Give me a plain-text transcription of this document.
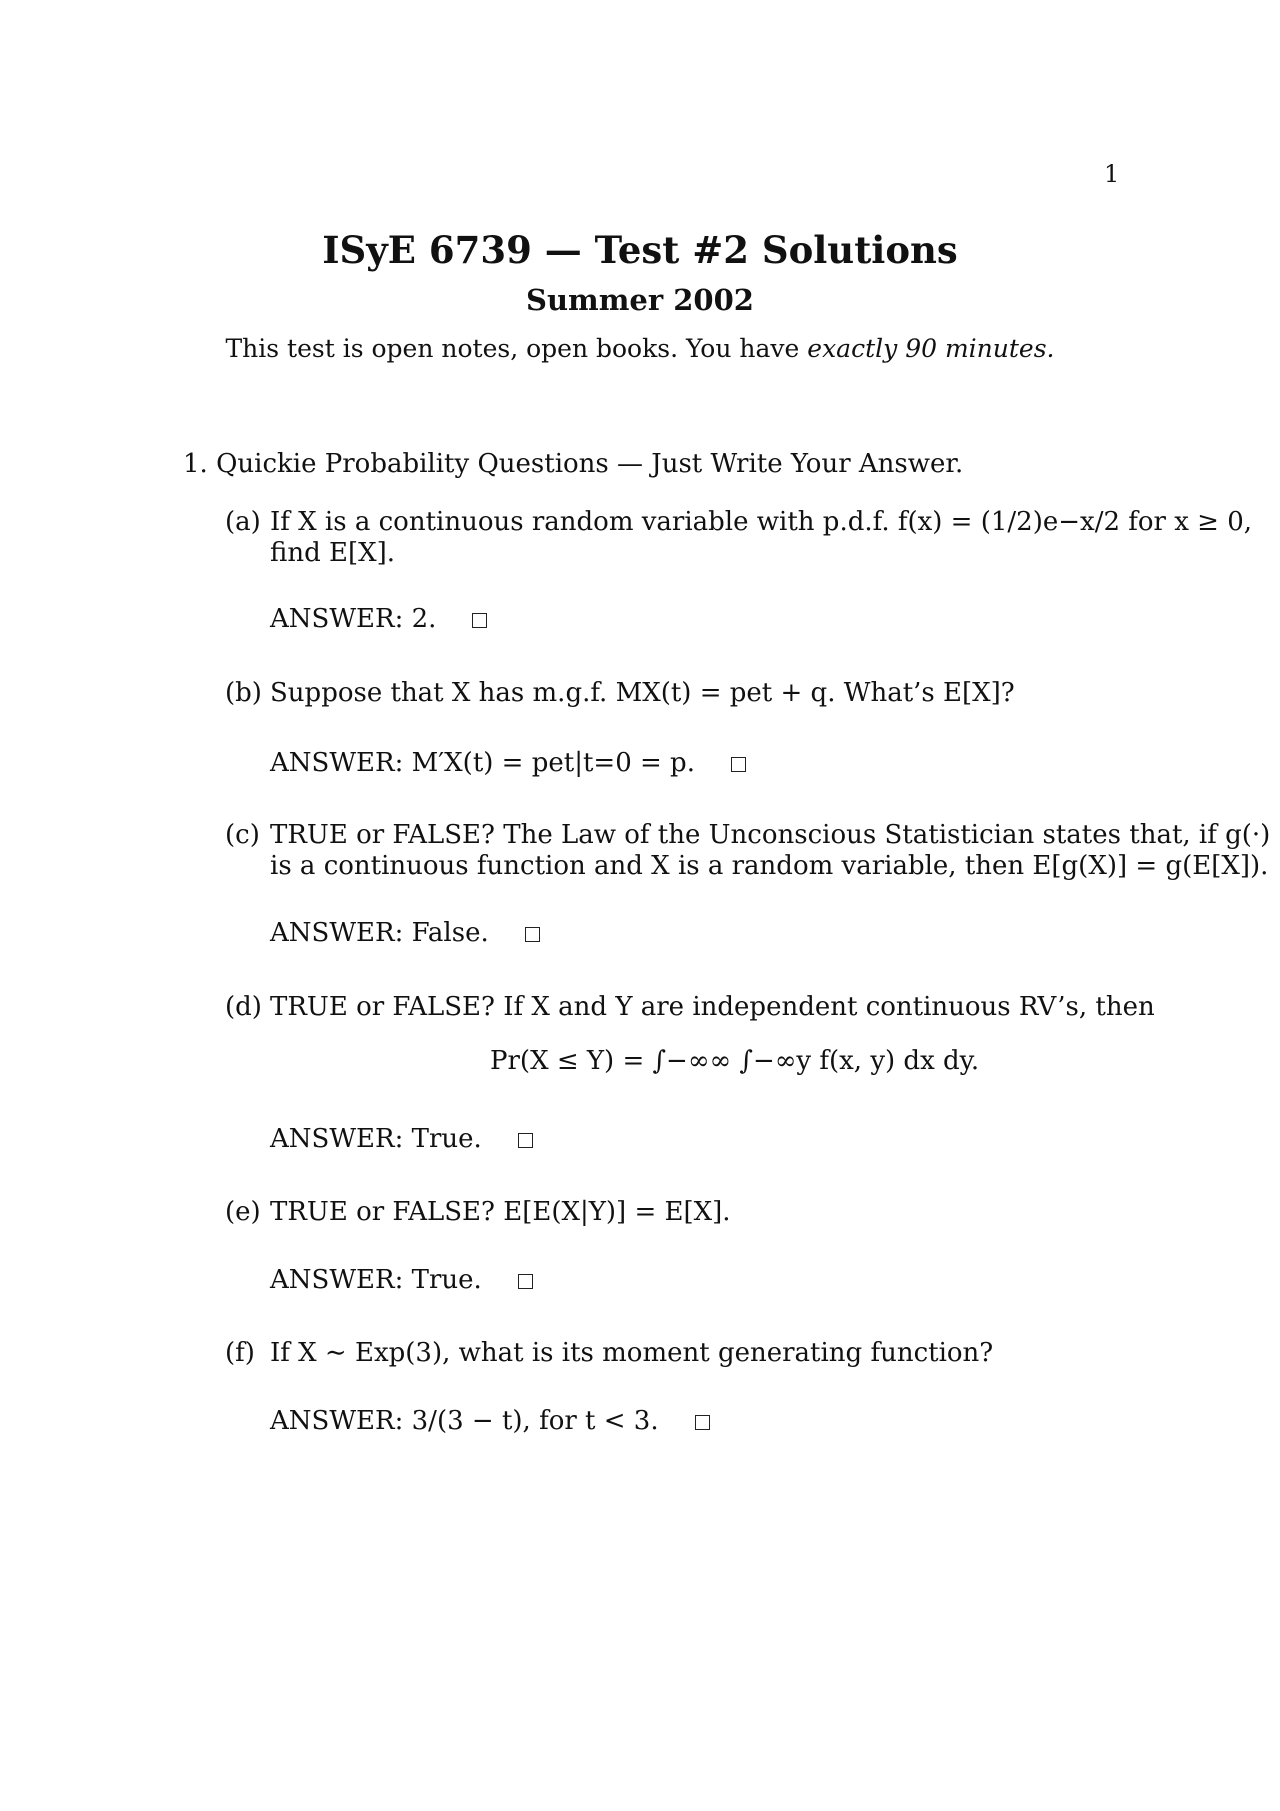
1
ISyE 6739 — Test #2 Solutions
Summer 2002
This test is open notes, open books. You have exactly 90 minutes.
1. Quickie Probability Questions — Just Write Your Answer.
(a) If X is a continuous random variable with p.d.f. f(x) = (1/2)e−x/2 for x ≥ 0,
find E[X].
ANSWER: 2.
(b) Suppose that X has m.g.f. MX(t) = pet + q. What’s E[X]?
ANSWER: M′X(t) = pet|t=0 = p.
(c) TRUE or FALSE? The Law of the Unconscious Statistician states that, if g(·)
is a continuous function and X is a random variable, then E[g(X)] = g(E[X]).
ANSWER: False.
(d) TRUE or FALSE? If X and Y are independent continuous RV’s, then
Pr(X ≤ Y) = ∫−∞∞ ∫−∞y f(x, y) dx dy.
ANSWER: True.
(e) TRUE or FALSE? E[E(X|Y)] = E[X].
ANSWER: True.
(f) If X ∼ Exp(3), what is its moment generating function?
ANSWER: 3/(3 − t), for t < 3.
